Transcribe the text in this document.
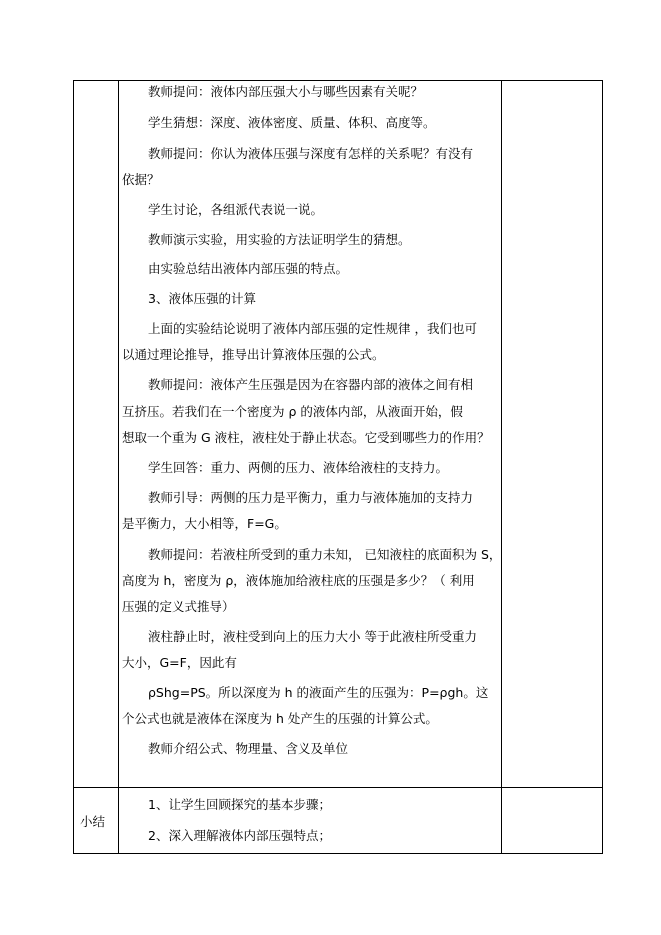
教师提问：液体内部压强大小与哪些因素有关呢？
学生猜想：深度、液体密度、质量、体积、高度等。
教师提问：你认为液体压强与深度有怎样的关系呢？有没有
依据？
学生讨论，各组派代表说一说。
教师演示实验，用实验的方法证明学生的猜想。
由实验总结出液体内部压强的特点。
3、液体压强的计算
上面的实验结论说明了液体内部压强的定性规律 ，我们也可
以通过理论推导，推导出计算液体压强的公式。
教师提问：液体产生压强是因为在容器内部的液体之间有相
互挤压。若我们在一个密度为 ρ 的液体内部，从液面开始，假
想取一个重为 G 液柱，液柱处于静止状态。它受到哪些力的作用？
学生回答：重力、两侧的压力、液体给液柱的支持力。
教师引导：两侧的压力是平衡力，重力与液体施加的支持力
是平衡力，大小相等，F=G。
教师提问：若液柱所受到的重力未知， 已知液柱的底面积为 S，
高度为 h，密度为 ρ，液体施加给液柱底的压强是多少？（ 利用
压强的定义式推导）
液柱静止时，液柱受到向上的压力大小 等于此液柱所受重力
大小，G=F，因此有
ρShg=PS。所以深度为 h 的液面产生的压强为：P=ρgh。这
个公式也就是液体在深度为 h 处产生的压强的计算公式。
教师介绍公式、物理量、含义及单位
小结
1、让学生回顾探究的基本步骤；
2、深入理解液体内部压强特点；
